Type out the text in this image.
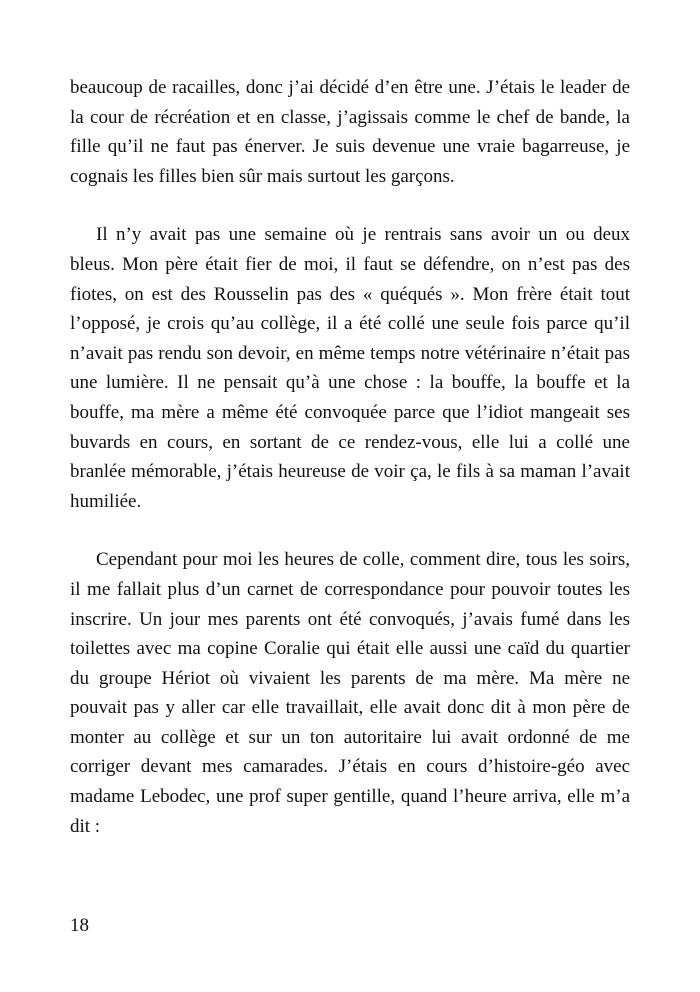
beaucoup de racailles, donc j’ai décidé d’en être une. J’étais le leader de la cour de récréation et en classe, j’agissais comme le chef de bande, la fille qu’il ne faut pas énerver. Je suis devenue une vraie bagarreuse, je cognais les filles bien sûr mais surtout les garçons.

Il n’y avait pas une semaine où je rentrais sans avoir un ou deux bleus. Mon père était fier de moi, il faut se défendre, on n’est pas des fiotes, on est des Rousselin pas des « quéqués ». Mon frère était tout l’opposé, je crois qu’au collège, il a été collé une seule fois parce qu’il n’avait pas rendu son devoir, en même temps notre vétérinaire n’était pas une lumière. Il ne pensait qu’à une chose : la bouffe, la bouffe et la bouffe, ma mère a même été convoquée parce que l’idiot mangeait ses buvards en cours, en sortant de ce rendez-vous, elle lui a collé une branlée mémorable, j’étais heureuse de voir ça, le fils à sa maman l’avait humiliée.

Cependant pour moi les heures de colle, comment dire, tous les soirs, il me fallait plus d’un carnet de correspondance pour pouvoir toutes les inscrire. Un jour mes parents ont été convoqués, j’avais fumé dans les toilettes avec ma copine Coralie qui était elle aussi une caïd du quartier du groupe Hériot où vivaient les parents de ma mère. Ma mère ne pouvait pas y aller car elle travaillait, elle avait donc dit à mon père de monter au collège et sur un ton autoritaire lui avait ordonné de me corriger devant mes camarades. J’étais en cours d’histoire-géo avec madame Lebodec, une prof super gentille, quand l’heure arriva, elle m’a dit :

18
